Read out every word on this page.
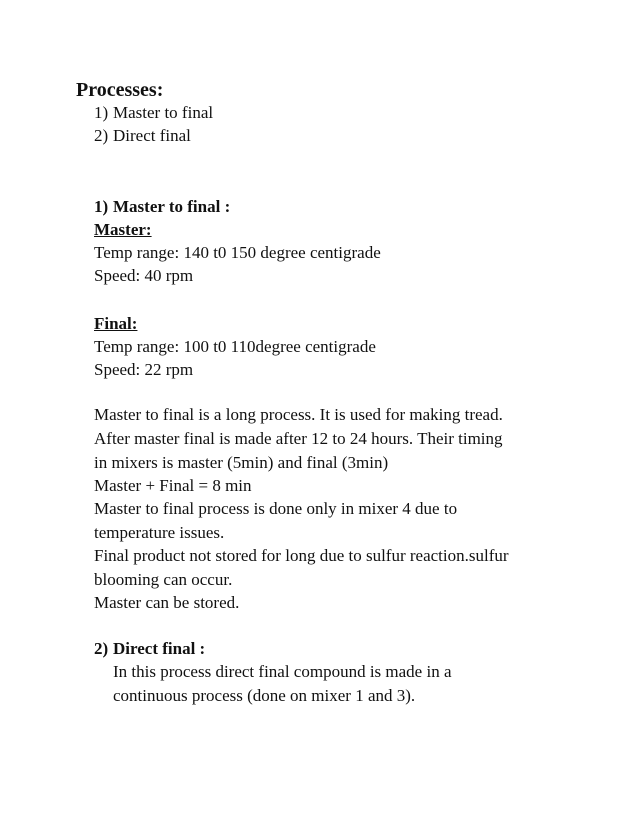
Processes:
1) Master to final
2) Direct final
1) Master to final :
Master:
Temp range: 140 t0 150 degree centigrade
Speed: 40 rpm
Final:
Temp range: 100 t0 110degree centigrade
Speed: 22 rpm
Master to final is a long process. It is used for making tread.
After master final is made after 12 to 24 hours. Their timing
in mixers is master (5min) and final (3min)
Master + Final = 8 min
Master to final process is done only in mixer 4 due to
temperature issues.
Final product not stored for long due to sulfur reaction.sulfur
blooming can occur.
Master can be stored.
2) Direct final :
In this process direct final compound is made in a
continuous process (done on mixer 1 and 3).
